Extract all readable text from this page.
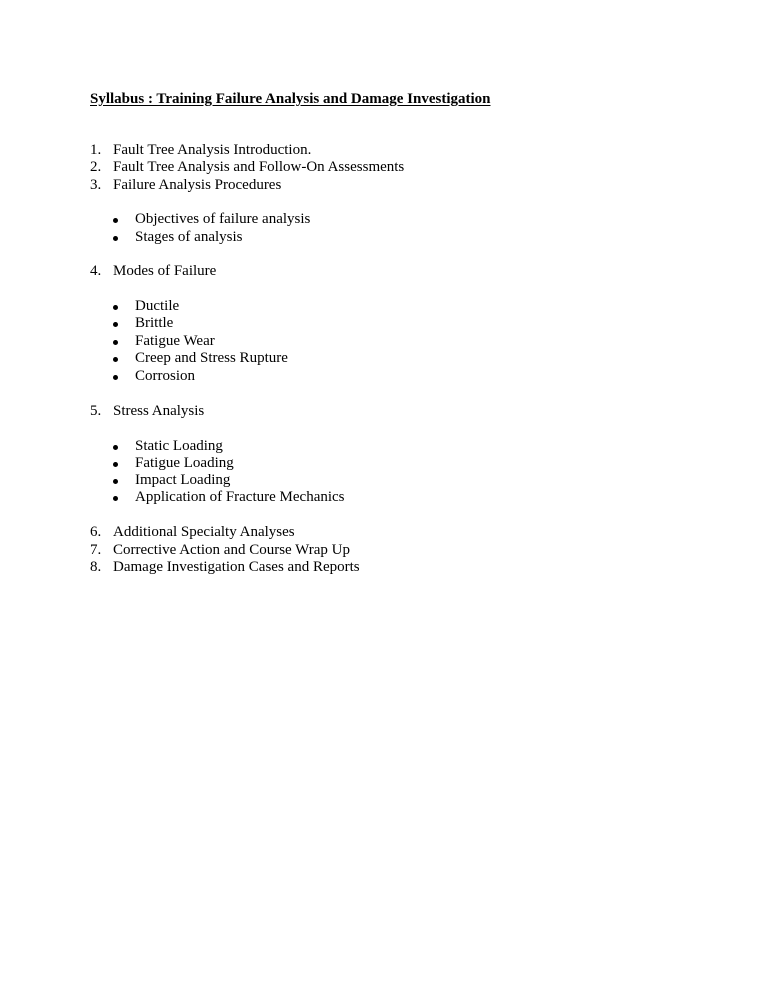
Syllabus : Training Failure Analysis and Damage Investigation
1. Fault Tree Analysis Introduction.
2. Fault Tree Analysis and Follow-On Assessments
3. Failure Analysis Procedures
Objectives of failure analysis
Stages of analysis
4. Modes of Failure
Ductile
Brittle
Fatigue Wear
Creep and Stress Rupture
Corrosion
5. Stress Analysis
Static Loading
Fatigue Loading
Impact Loading
Application of Fracture Mechanics
6. Additional Specialty Analyses
7. Corrective Action and Course Wrap Up
8. Damage Investigation Cases and Reports
